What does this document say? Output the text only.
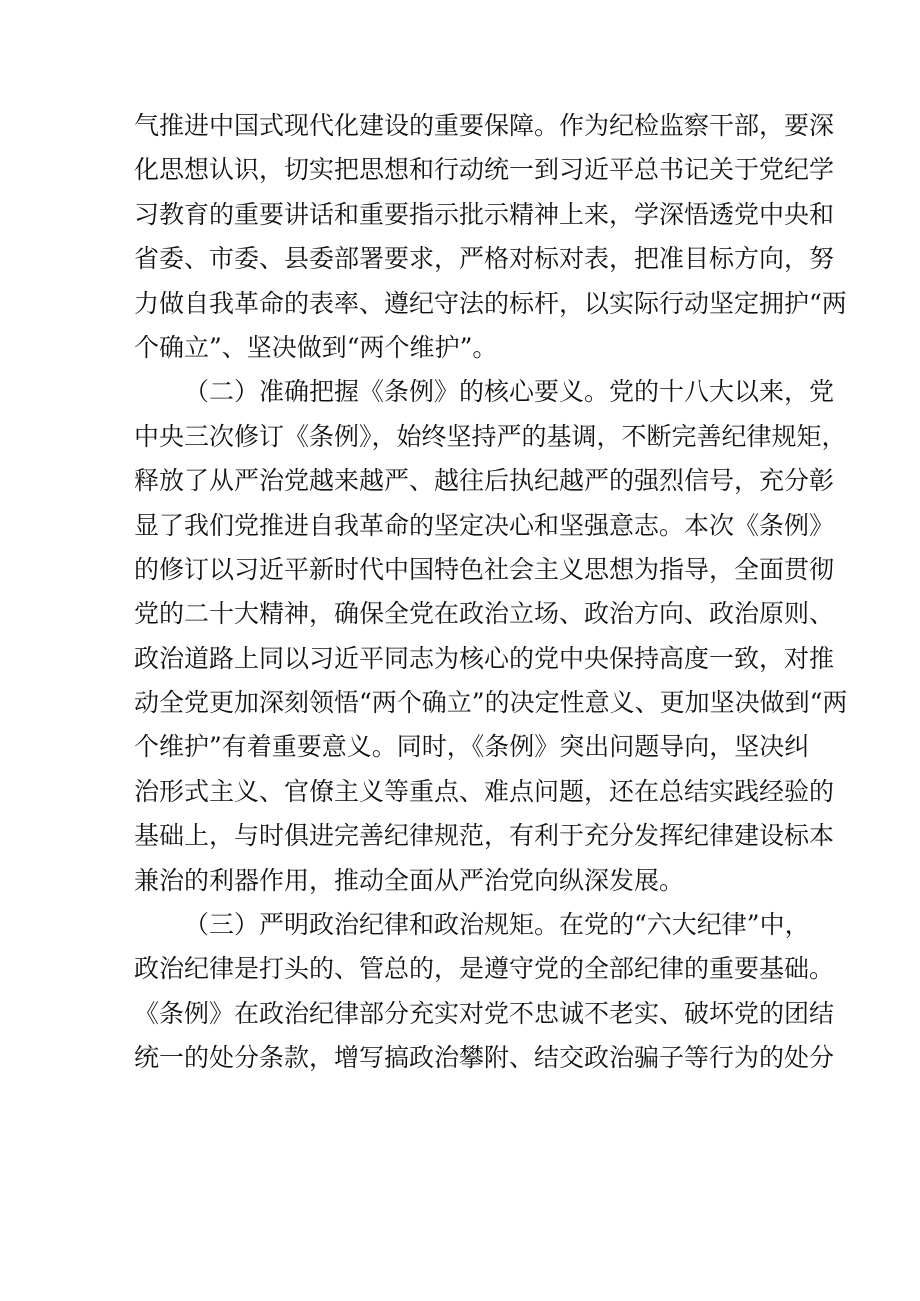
气推进中国式现代化建设的重要保障。作为纪检监察干部，要深
化思想认识，切实把思想和行动统一到习近平总书记关于党纪学
习教育的重要讲话和重要指示批示精神上来，学深悟透党中央和
省委、市委、县委部署要求，严格对标对表，把准目标方向，努
力做自我革命的表率、遵纪守法的标杆，以实际行动坚定拥护“两
个确立”、坚决做到“两个维护”。
（二）准确把握《条例》的核心要义。党的十八大以来，党
中央三次修订《条例》，始终坚持严的基调，不断完善纪律规矩，
释放了从严治党越来越严、越往后执纪越严的强烈信号，充分彰
显了我们党推进自我革命的坚定决心和坚强意志。本次《条例》
的修订以习近平新时代中国特色社会主义思想为指导，全面贯彻
党的二十大精神，确保全党在政治立场、政治方向、政治原则、
政治道路上同以习近平同志为核心的党中央保持高度一致，对推
动全党更加深刻领悟“两个确立”的决定性意义、更加坚决做到“两
个维护”有着重要意义。同时，《条例》突出问题导向，坚决纠
治形式主义、官僚主义等重点、难点问题，还在总结实践经验的
基础上，与时俱进完善纪律规范，有利于充分发挥纪律建设标本
兼治的利器作用，推动全面从严治党向纵深发展。
（三）严明政治纪律和政治规矩。在党的“六大纪律”中，
政治纪律是打头的、管总的，是遵守党的全部纪律的重要基础。
《条例》在政治纪律部分充实对党不忠诚不老实、破坏党的团结
统一的处分条款，增写搞政治攀附、结交政治骗子等行为的处分
